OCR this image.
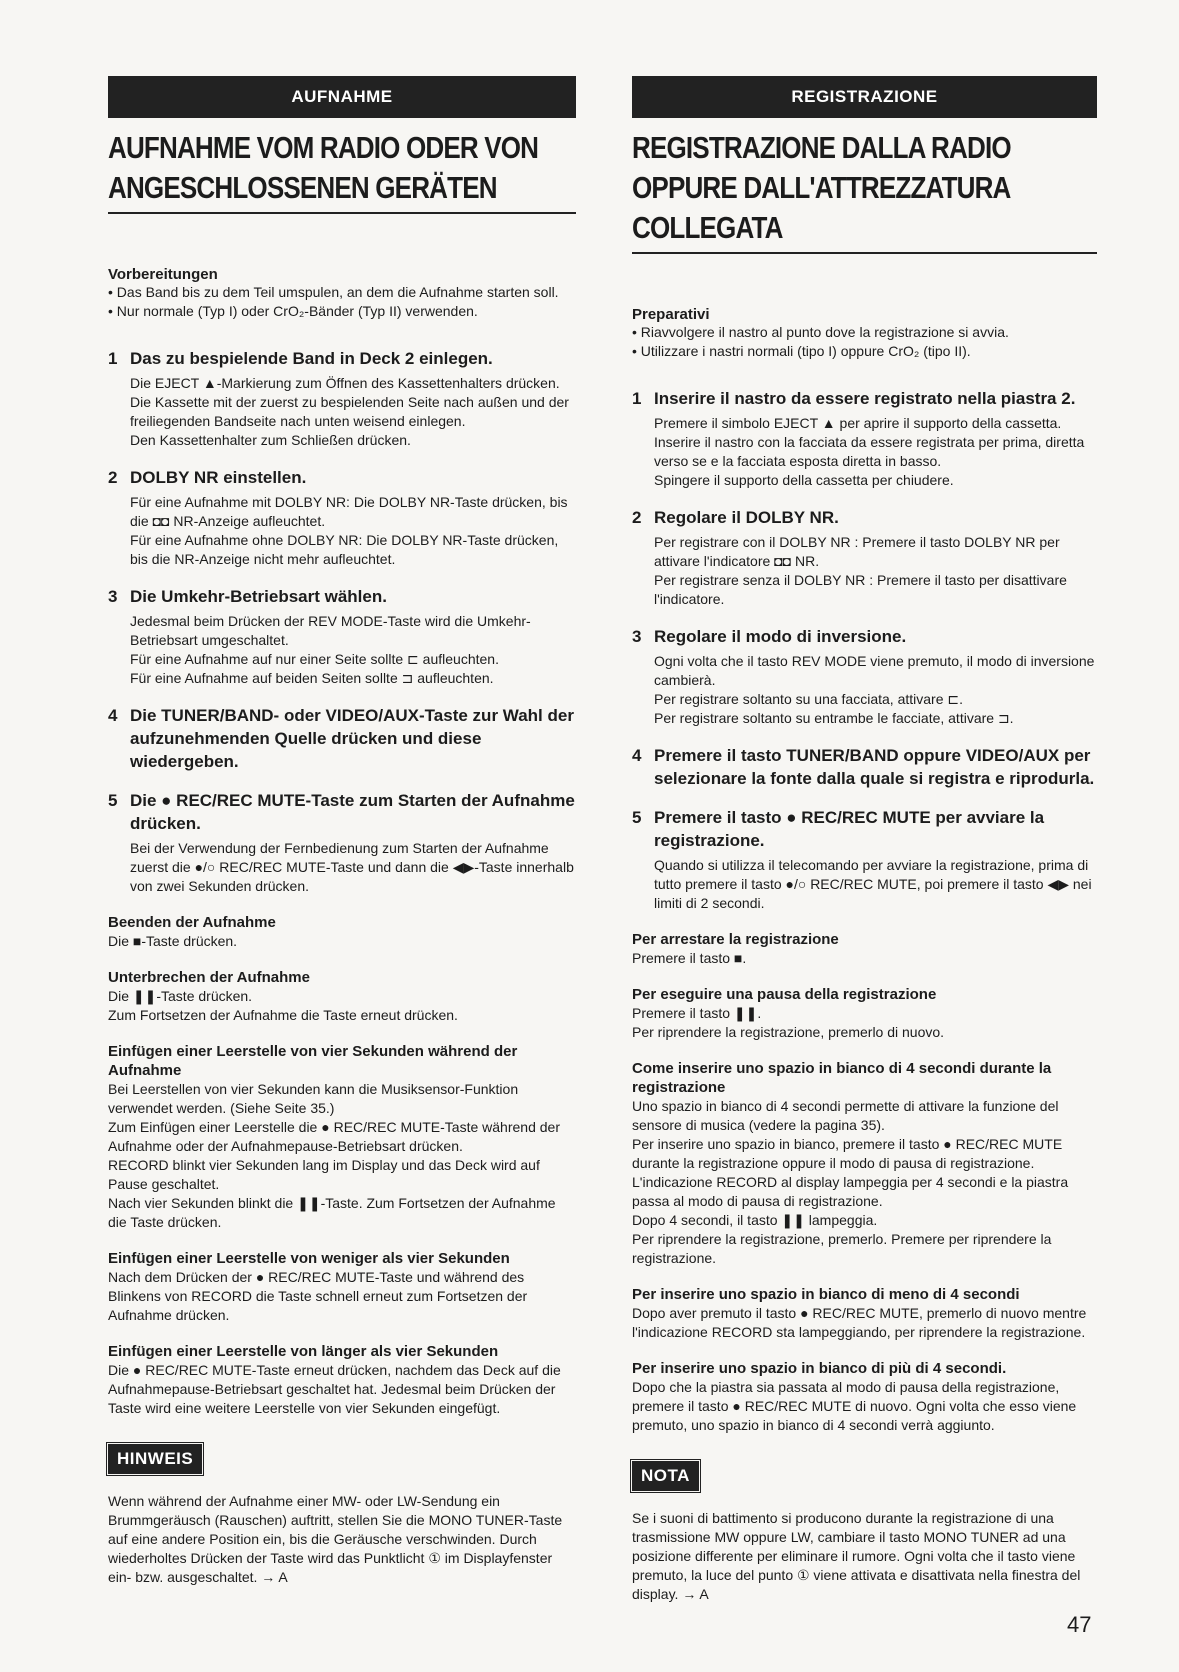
AUFNAHME
AUFNAHME VOM RADIO ODER VON ANGESCHLOSSENEN GERÄTEN
Vorbereitungen
• Das Band bis zu dem Teil umspulen, an dem die Aufnahme starten soll.
• Nur normale (Typ I) oder CrO₂-Bänder (Typ II) verwenden.
1 Das zu bespielende Band in Deck 2 einlegen.
Die EJECT ▲-Markierung zum Öffnen des Kassettenhalters drücken.
Die Kassette mit der zuerst zu bespielenden Seite nach außen und der freiliegenden Bandseite nach unten weisend einlegen.
Den Kassettenhalter zum Schließen drücken.
2 DOLBY NR einstellen.
Für eine Aufnahme mit DOLBY NR: Die DOLBY NR-Taste drücken, bis die ◘◘ NR-Anzeige aufleuchtet.
Für eine Aufnahme ohne DOLBY NR: Die DOLBY NR-Taste drücken, bis die NR-Anzeige nicht mehr aufleuchtet.
3 Die Umkehr-Betriebsart wählen.
Jedesmal beim Drücken der REV MODE-Taste wird die Umkehr-Betriebsart umgeschaltet.
Für eine Aufnahme auf nur einer Seite sollte ⊏ aufleuchten.
Für eine Aufnahme auf beiden Seiten sollte ⊐ aufleuchten.
4 Die TUNER/BAND- oder VIDEO/AUX-Taste zur Wahl der aufzunehmenden Quelle drücken und diese wiedergeben.
5 Die ● REC/REC MUTE-Taste zum Starten der Aufnahme drücken.
Bei der Verwendung der Fernbedienung zum Starten der Aufnahme zuerst die ●/○ REC/REC MUTE-Taste und dann die ◀▶-Taste innerhalb von zwei Sekunden drücken.
Beenden der Aufnahme
Die ■-Taste drücken.
Unterbrechen der Aufnahme
Die ❚❚-Taste drücken.
Zum Fortsetzen der Aufnahme die Taste erneut drücken.
Einfügen einer Leerstelle von vier Sekunden während der Aufnahme
Bei Leerstellen von vier Sekunden kann die Musiksensor-Funktion verwendet werden. (Siehe Seite 35.)
Zum Einfügen einer Leerstelle die ● REC/REC MUTE-Taste während der Aufnahme oder der Aufnahmepause-Betriebsart drücken.
RECORD blinkt vier Sekunden lang im Display und das Deck wird auf Pause geschaltet.
Nach vier Sekunden blinkt die ❚❚-Taste. Zum Fortsetzen der Aufnahme die Taste drücken.
Einfügen einer Leerstelle von weniger als vier Sekunden
Nach dem Drücken der ● REC/REC MUTE-Taste und während des Blinkens von RECORD die Taste schnell erneut zum Fortsetzen der Aufnahme drücken.
Einfügen einer Leerstelle von länger als vier Sekunden
Die ● REC/REC MUTE-Taste erneut drücken, nachdem das Deck auf die Aufnahmepause-Betriebsart geschaltet hat. Jedesmal beim Drücken der Taste wird eine weitere Leerstelle von vier Sekunden eingefügt.
HINWEIS
Wenn während der Aufnahme einer MW- oder LW-Sendung ein Brummgeräusch (Rauschen) auftritt, stellen Sie die MONO TUNER-Taste auf eine andere Position ein, bis die Geräusche verschwinden. Durch wiederholtes Drücken der Taste wird das Punktlicht ① im Displayfenster ein- bzw. ausgeschaltet. → A
REGISTRAZIONE
REGISTRAZIONE DALLA RADIO OPPURE DALL'ATTREZZATURA COLLEGATA
Preparativi
• Riavvolgere il nastro al punto dove la registrazione si avvia.
• Utilizzare i nastri normali (tipo I) oppure CrO₂ (tipo II).
1 Inserire il nastro da essere registrato nella piastra 2.
Premere il simbolo EJECT ▲ per aprire il supporto della cassetta.
Inserire il nastro con la facciata da essere registrata per prima, diretta verso se e la facciata esposta diretta in basso.
Spingere il supporto della cassetta per chiudere.
2 Regolare il DOLBY NR.
Per registrare con il DOLBY NR : Premere il tasto DOLBY NR per attivare l'indicatore ◘◘ NR.
Per registrare senza il DOLBY NR : Premere il tasto per disattivare l'indicatore.
3 Regolare il modo di inversione.
Ogni volta che il tasto REV MODE viene premuto, il modo di inversione cambierà.
Per registrare soltanto su una facciata, attivare ⊏.
Per registrare soltanto su entrambe le facciate, attivare ⊐.
4 Premere il tasto TUNER/BAND oppure VIDEO/AUX per selezionare la fonte dalla quale si registra e riprodurla.
5 Premere il tasto ● REC/REC MUTE per avviare la registrazione.
Quando si utilizza il telecomando per avviare la registrazione, prima di tutto premere il tasto ●/○ REC/REC MUTE, poi premere il tasto ◀▶ nei limiti di 2 secondi.
Per arrestare la registrazione
Premere il tasto ■.
Per eseguire una pausa della registrazione
Premere il tasto ❚❚.
Per riprendere la registrazione, premerlo di nuovo.
Come inserire uno spazio in bianco di 4 secondi durante la registrazione
Uno spazio in bianco di 4 secondi permette di attivare la funzione del sensore di musica (vedere la pagina 35).
Per inserire uno spazio in bianco, premere il tasto ● REC/REC MUTE durante la registrazione oppure il modo di pausa di registrazione.
L'indicazione RECORD al display lampeggia per 4 secondi e la piastra passa al modo di pausa di registrazione.
Dopo 4 secondi, il tasto ❚❚ lampeggia.
Per riprendere la registrazione, premerlo. Premere per riprendere la registrazione.
Per inserire uno spazio in bianco di meno di 4 secondi
Dopo aver premuto il tasto ● REC/REC MUTE, premerlo di nuovo mentre l'indicazione RECORD sta lampeggiando, per riprendere la registrazione.
Per inserire uno spazio in bianco di più di 4 secondi.
Dopo che la piastra sia passata al modo di pausa della registrazione, premere il tasto ● REC/REC MUTE di nuovo. Ogni volta che esso viene premuto, uno spazio in bianco di 4 secondi verrà aggiunto.
NOTA
Se i suoni di battimento si producono durante la registrazione di una trasmissione MW oppure LW, cambiare il tasto MONO TUNER ad una posizione differente per eliminare il rumore. Ogni volta che il tasto viene premuto, la luce del punto ① viene attivata e disattivata nella finestra del display. → A
47
